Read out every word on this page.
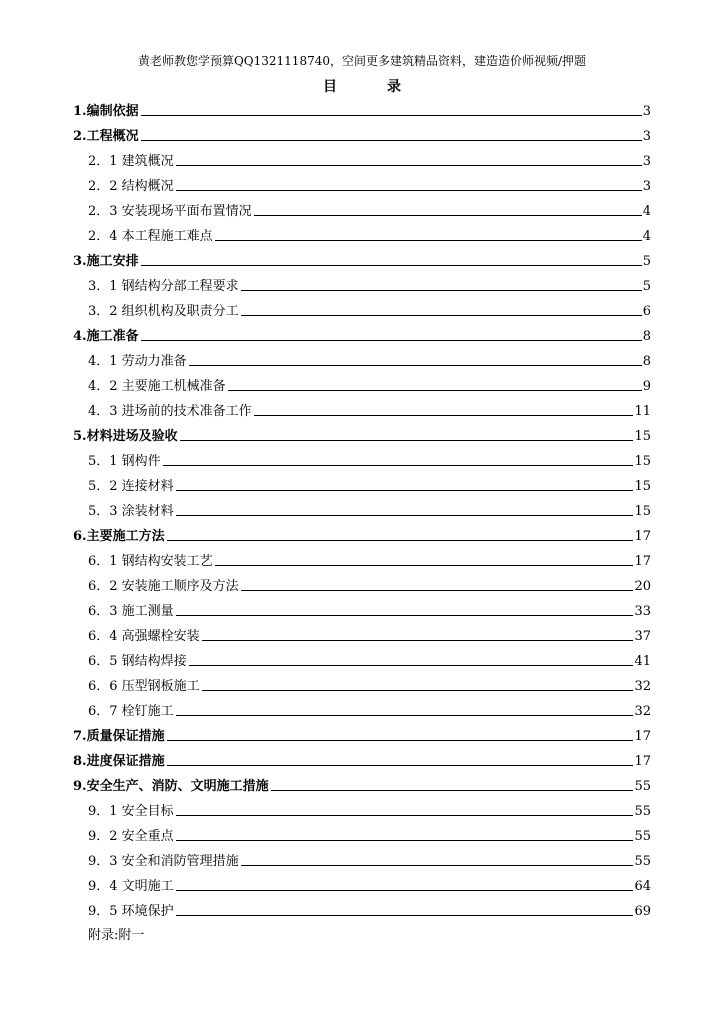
黄老师教您学预算QQ1321118740，空间更多建筑精品资料，建造造价师视频/押题
目　录
1.编制依据	3
2.工程概况	3
2．1 建筑概况	3
2．2 结构概况	3
2．3 安装现场平面布置情况	4
2．4 本工程施工难点	4
3.施工安排	5
3．1 钢结构分部工程要求	5
3．2 组织机构及职责分工	6
4.施工准备	8
4．1 劳动力准备	8
4．2 主要施工机械准备	9
4．3 进场前的技术准备工作	11
5.材料进场及验收	15
5．1 钢构件	15
5．2 连接材料	15
5．3 涂装材料	15
6.主要施工方法	17
6．1 钢结构安装工艺	17
6．2 安装施工顺序及方法	20
6．3 施工测量	33
6．4 高强螺栓安装	37
6．5 钢结构焊接	41
6．6 压型钢板施工	32
6．7 栓钉施工	32
7.质量保证措施	17
8.进度保证措施	17
9.安全生产、消防、文明施工措施	55
9．1 安全目标	55
9．2 安全重点	55
9．3 安全和消防管理措施	55
9．4 文明施工	64
9．5 环境保护	69
附录:附一
